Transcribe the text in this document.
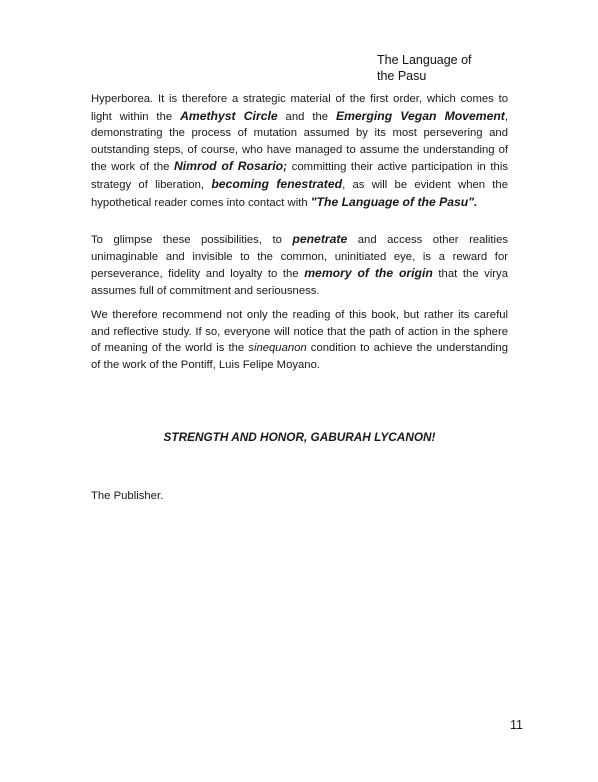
The Language of
the Pasu
Hyperborea. It is therefore a strategic material of the first order, which comes to light within the Amethyst Circle and the Emerging Vegan Movement, demonstrating the process of mutation assumed by its most persevering and outstanding steps, of course, who have managed to assume the understanding of the work of the Nimrod of Rosario; committing their active participation in this strategy of liberation, becoming fenestrated, as will be evident when the hypothetical reader comes into contact with "The Language of the Pasu".
To glimpse these possibilities, to penetrate and access other realities unimaginable and invisible to the common, uninitiated eye, is a reward for perseverance, fidelity and loyalty to the memory of the origin that the virya assumes full of commitment and seriousness.
We therefore recommend not only the reading of this book, but rather its careful and reflective study. If so, everyone will notice that the path of action in the sphere of meaning of the world is the sinequanon condition to achieve the understanding of the work of the Pontiff, Luis Felipe Moyano.
STRENGTH AND HONOR, GABURAH LYCANON!
The Publisher.
11
